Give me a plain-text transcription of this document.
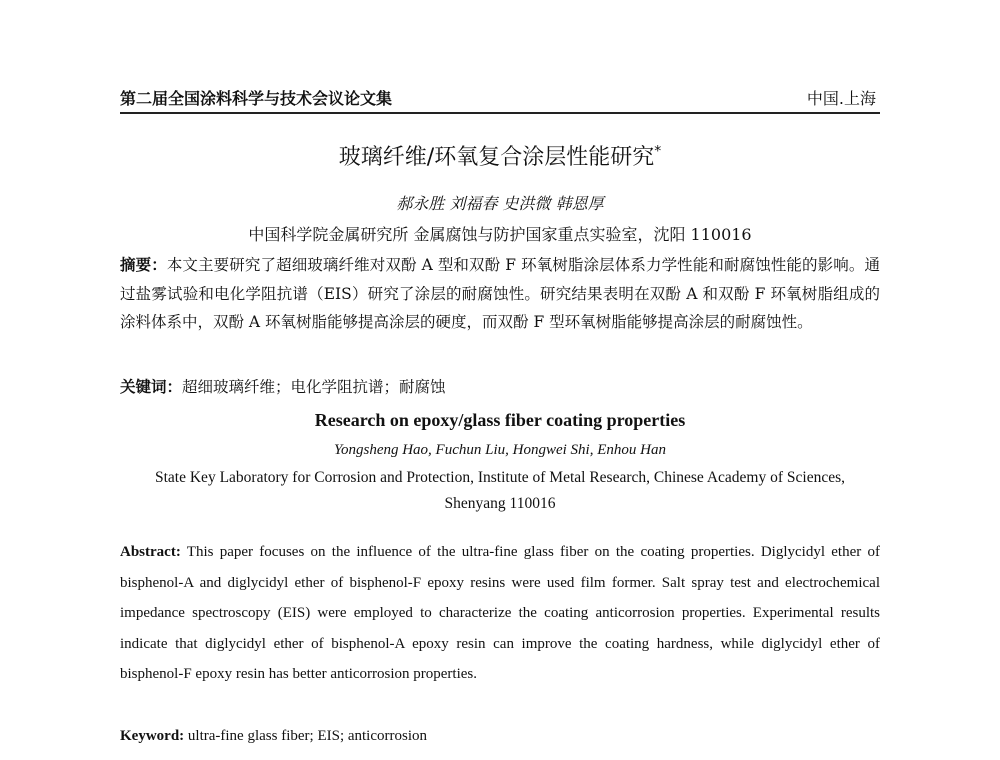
第二届全国涂料科学与技术会议论文集	中国.上海
玻璃纤维/环氧复合涂层性能研究*
郝永胜 刘福春 史洪微 韩恩厚
中国科学院金属研究所 金属腐蚀与防护国家重点实验室，沈阳 110016
摘要：本文主要研究了超细玻璃纤维对双酚 A 型和双酚 F 环氧树脂涂层体系力学性能和耐腐蚀性能的影响。通过盐雾试验和电化学阻抗谱（EIS）研究了涂层的耐腐蚀性。研究结果表明在双酚 A 和双酚 F 环氧树脂组成的涂料体系中，双酚 A 环氧树脂能够提高涂层的硬度，而双酚 F 型环氧树脂能够提高涂层的耐腐蚀性。
关键词：超细玻璃纤维；电化学阻抗谱；耐腐蚀
Research on epoxy/glass fiber coating properties
Yongsheng Hao, Fuchun Liu, Hongwei Shi, Enhou Han
State Key Laboratory for Corrosion and Protection, Institute of Metal Research, Chinese Academy of Sciences, Shenyang 110016
Abstract: This paper focuses on the influence of the ultra-fine glass fiber on the coating properties. Diglycidyl ether of bisphenol-A and diglycidyl ether of bisphenol-F epoxy resins were used film former. Salt spray test and electrochemical impedance spectroscopy (EIS) were employed to characterize the coating anticorrosion properties. Experimental results indicate that diglycidyl ether of bisphenol-A epoxy resin can improve the coating hardness, while diglycidyl ether of bisphenol-F epoxy resin has better anticorrosion properties.
Keyword: ultra-fine glass fiber; EIS; anticorrosion
